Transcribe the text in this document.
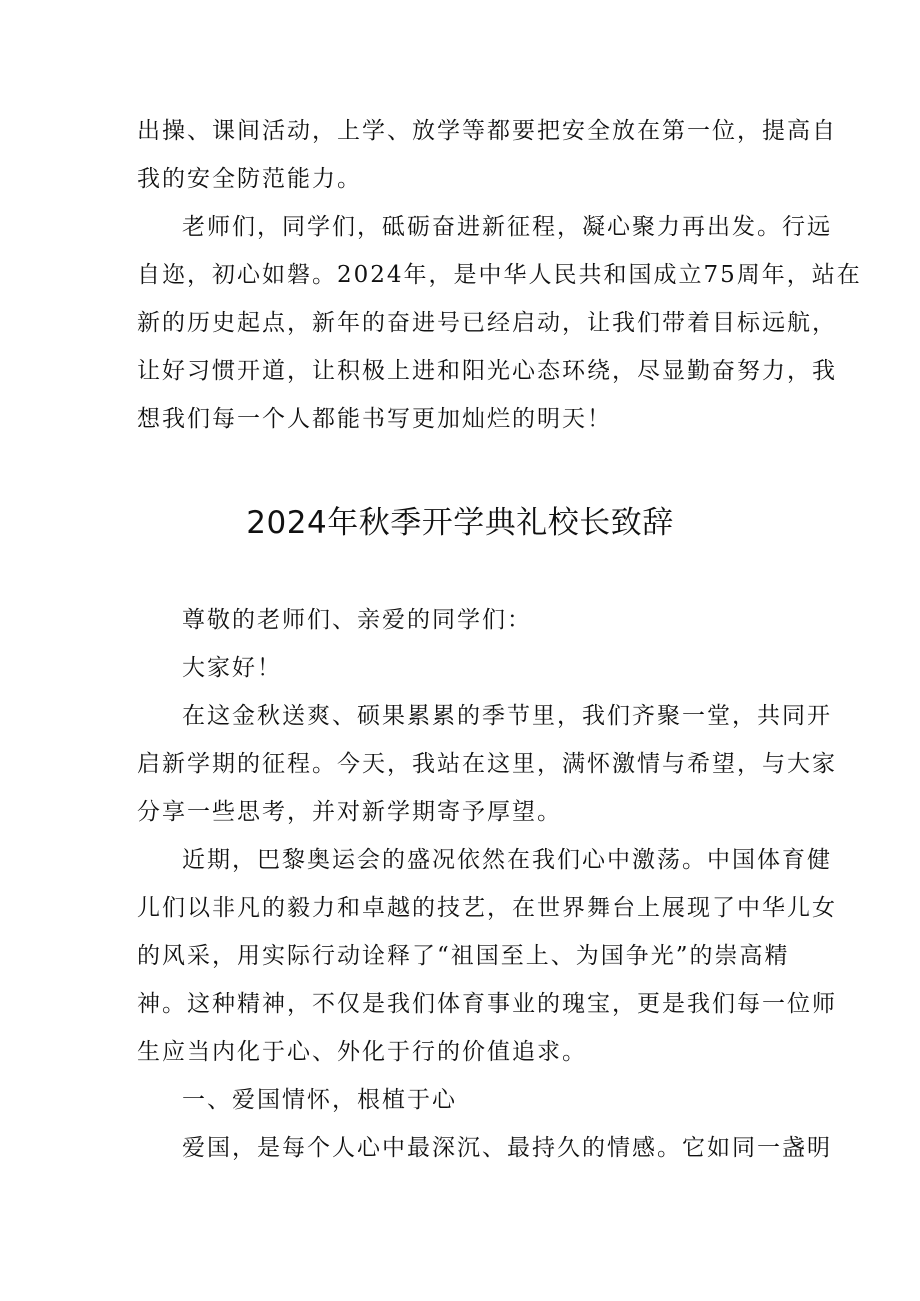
出操、课间活动，上学、放学等都要把安全放在第一位，提高自
我的安全防范能力。
老师们，同学们，砥砺奋进新征程，凝心聚力再出发。行远
自迩，初心如磐。2024年，是中华人民共和国成立75周年，站在
新的历史起点，新年的奋进号已经启动，让我们带着目标远航，
让好习惯开道，让积极上进和阳光心态环绕，尽显勤奋努力，我
想我们每一个人都能书写更加灿烂的明天！
2024年秋季开学典礼校长致辞
尊敬的老师们、亲爱的同学们：
大家好！
在这金秋送爽、硕果累累的季节里，我们齐聚一堂，共同开
启新学期的征程。今天，我站在这里，满怀激情与希望，与大家
分享一些思考，并对新学期寄予厚望。
近期，巴黎奥运会的盛况依然在我们心中激荡。中国体育健
儿们以非凡的毅力和卓越的技艺，在世界舞台上展现了中华儿女
的风采，用实际行动诠释了“祖国至上、为国争光”的崇高精
神。这种精神，不仅是我们体育事业的瑰宝，更是我们每一位师
生应当内化于心、外化于行的价值追求。
一、爱国情怀，根植于心
爱国，是每个人心中最深沉、最持久的情感。它如同一盏明
